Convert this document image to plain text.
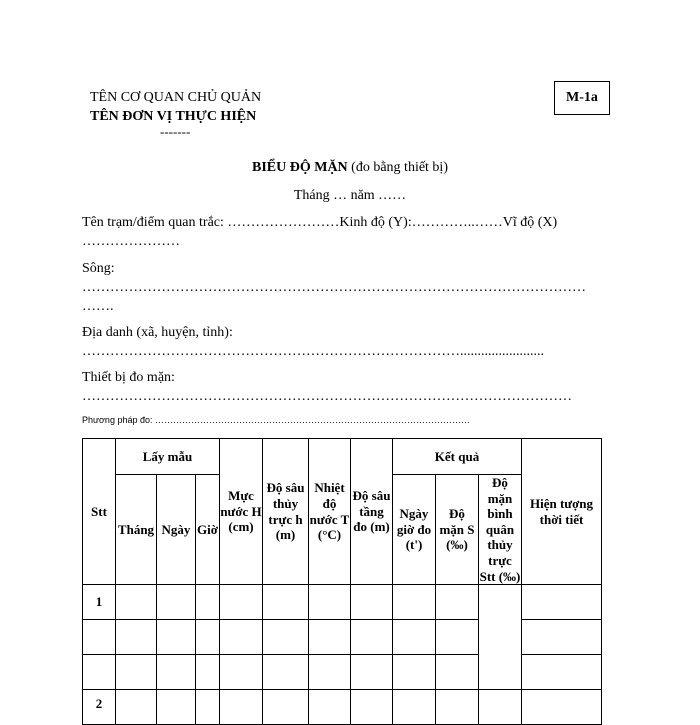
TÊN CƠ QUAN CHỦ QUẢN
TÊN ĐƠN VỊ THỰC HIỆN
-------
M-1a
BIỂU ĐỘ MẶN (đo bằng thiết bị)
Tháng … năm ……
Tên trạm/điểm quan trắc: ……………………Kinh độ (Y):…………..……Vĩ độ (X)
…………………
Sông:
………………………………………………………………………………………………
…….
Địa danh (xã, huyện, tỉnh):
………………………………………………………………………........................
Thiết bị đo mặn:
……………………………………………………………………………………………
Phương pháp đo: ……………………………………………………………………………………………
Stt	Lấy mẫu			Mực nước H (cm)	Độ sâu thủy trực h (m)	Nhiệt độ nước T (°C)	Độ sâu tầng đo (m)	Kết quả			Hiện tượng thời tiết
	Tháng	Ngày	Giờ					Ngày giờ đo (t')	Độ mặn S (‰)	Độ mặn bình quân thủy trực Stt (‰)	
1											

2											
